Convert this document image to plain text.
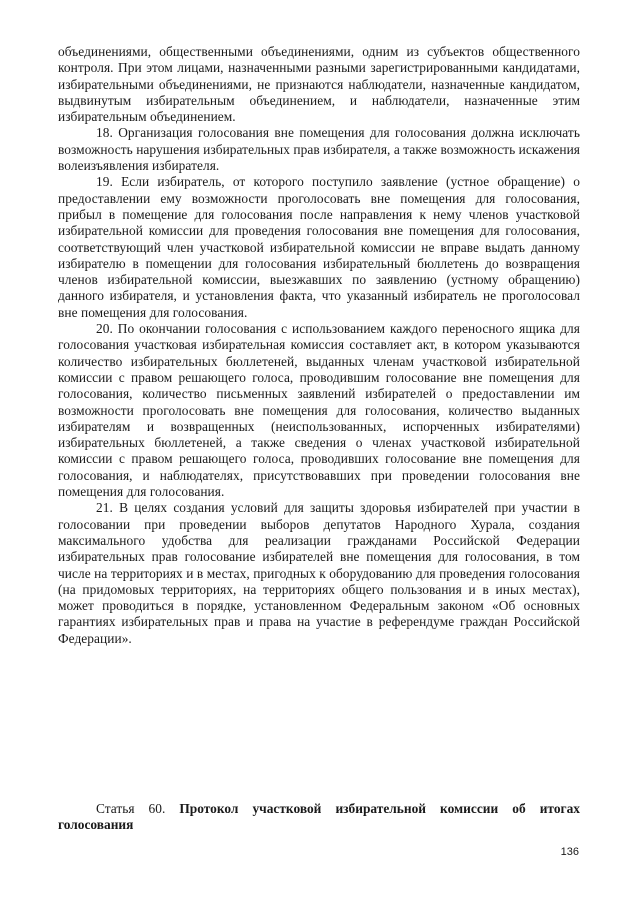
объединениями, общественными объединениями, одним из субъектов общественного контроля. При этом лицами, назначенными разными зарегистрированными кандидатами, избирательными объединениями, не признаются наблюдатели, назначенные кандидатом, выдвинутым избирательным объединением, и наблюдатели, назначенные этим избирательным объединением.

18. Организация голосования вне помещения для голосования должна исключать возможность нарушения избирательных прав избирателя, а также возможность искажения волеизъявления избирателя.

19. Если избиратель, от которого поступило заявление (устное обращение) о предоставлении ему возможности проголосовать вне помещения для голосования, прибыл в помещение для голосования после направления к нему членов участковой избирательной комиссии для проведения голосования вне помещения для голосования, соответствующий член участковой избирательной комиссии не вправе выдать данному избирателю в помещении для голосования избирательный бюллетень до возвращения членов избирательной комиссии, выезжавших по заявлению (устному обращению) данного избирателя, и установления факта, что указанный избиратель не проголосовал вне помещения для голосования.

20. По окончании голосования с использованием каждого переносного ящика для голосования участковая избирательная комиссия составляет акт, в котором указываются количество избирательных бюллетеней, выданных членам участковой избирательной комиссии с правом решающего голоса, проводившим голосование вне помещения для голосования, количество письменных заявлений избирателей о предоставлении им возможности проголосовать вне помещения для голосования, количество выданных избирателям и возвращенных (неиспользованных, испорченных избирателями) избирательных бюллетеней, а также сведения о членах участковой избирательной комиссии с правом решающего голоса, проводивших голосование вне помещения для голосования, и наблюдателях, присутствовавших при проведении голосования вне помещения для голосования.

21. В целях создания условий для защиты здоровья избирателей при участии в голосовании при проведении выборов депутатов Народного Хурала, создания максимального удобства для реализации гражданами Российской Федерации избирательных прав голосование избирателей вне помещения для голосования, в том числе на территориях и в местах, пригодных к оборудованию для проведения голосования (на придомовых территориях, на территориях общего пользования и в иных местах), может проводиться в порядке, установленном Федеральным законом «Об основных гарантиях избирательных прав и права на участие в референдуме граждан Российской Федерации».

Статья 60. Протокол участковой избирательной комиссии об итогах голосования
136
